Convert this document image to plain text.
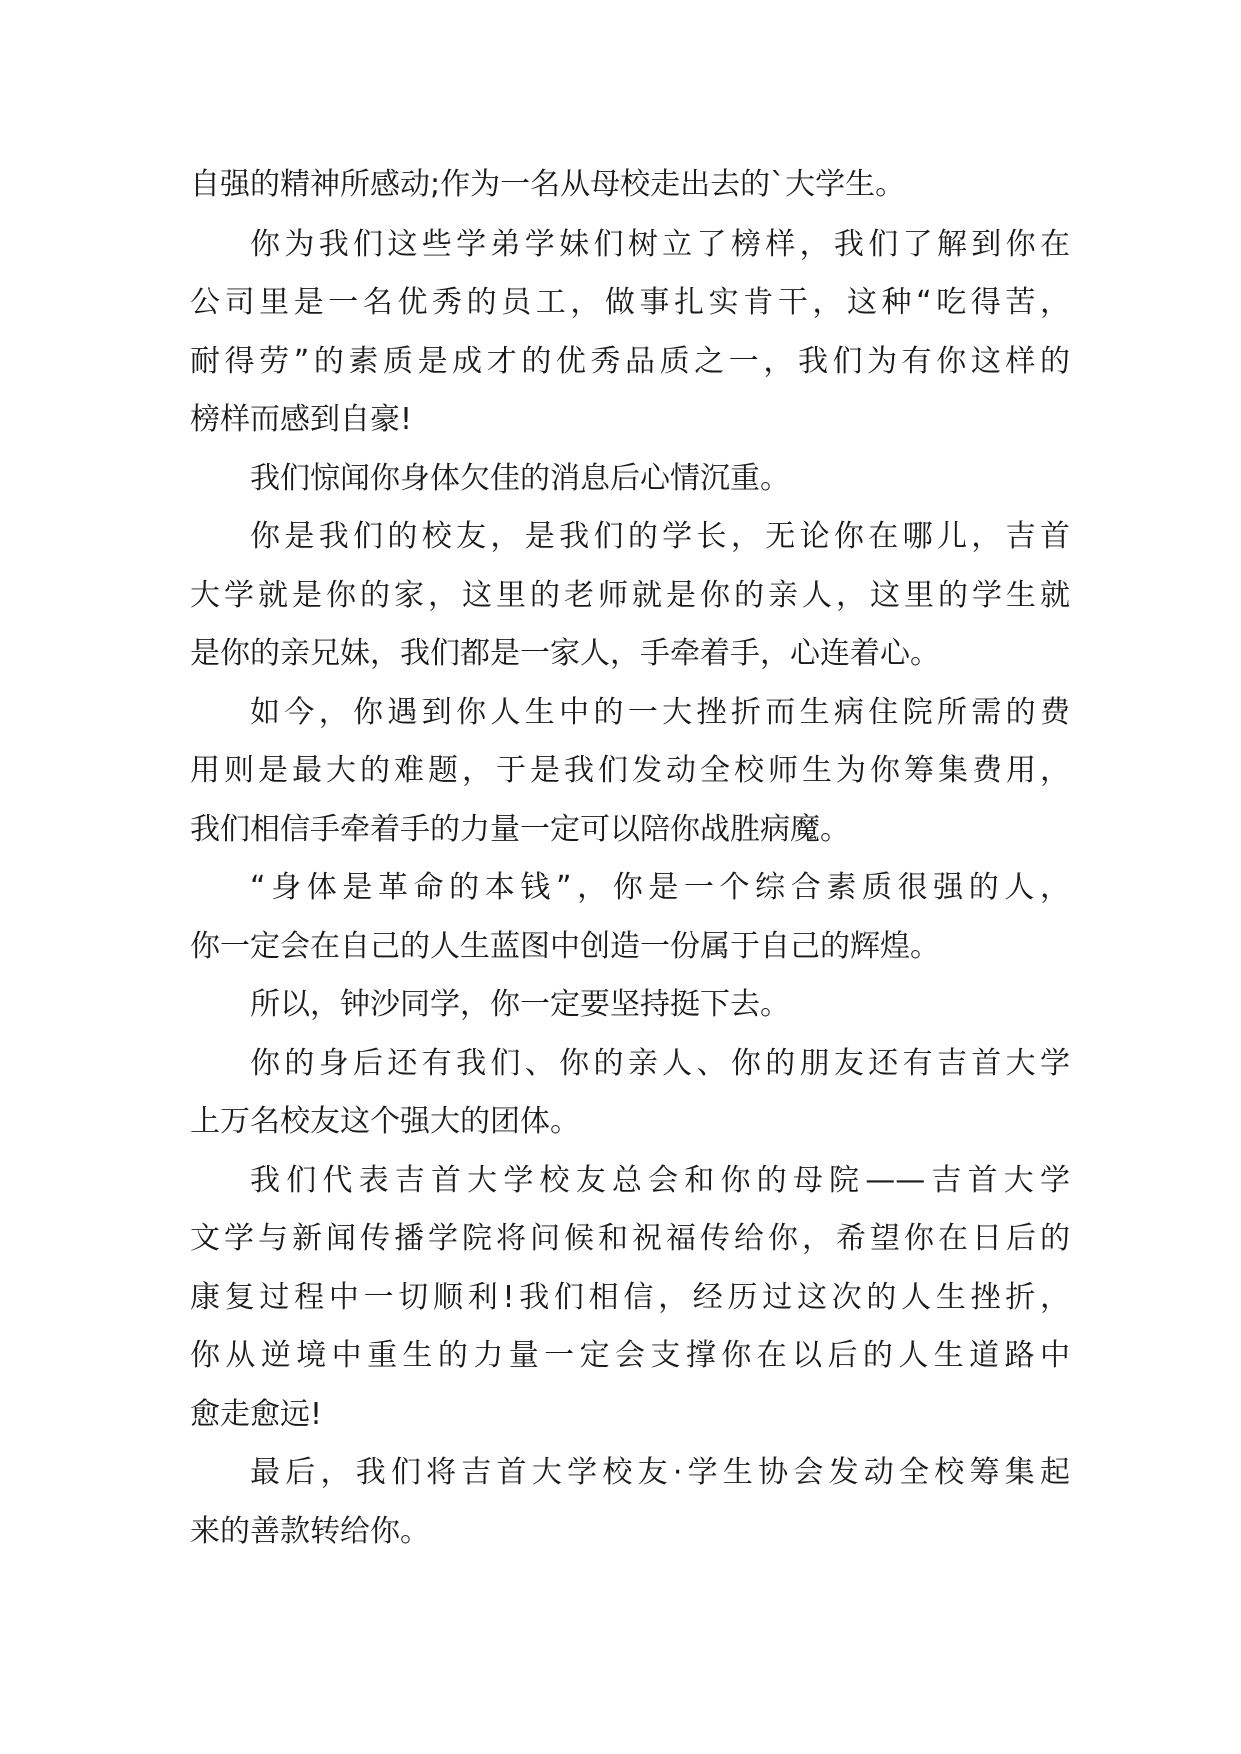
自强的精神所感动;作为一名从母校走出去的`大学生。
你为我们这些学弟学妹们树立了榜样，我们了解到你在
公司里是一名优秀的员工，做事扎实肯干，这种“吃得苦，
耐得劳”的素质是成才的优秀品质之一，我们为有你这样的
榜样而感到自豪!
我们惊闻你身体欠佳的消息后心情沉重。
你是我们的校友，是我们的学长，无论你在哪儿，吉首
大学就是你的家，这里的老师就是你的亲人，这里的学生就
是你的亲兄妹，我们都是一家人，手牵着手，心连着心。
如今，你遇到你人生中的一大挫折而生病住院所需的费
用则是最大的难题，于是我们发动全校师生为你筹集费用，
我们相信手牵着手的力量一定可以陪你战胜病魔。
“身体是革命的本钱”，你是一个综合素质很强的人，
你一定会在自己的人生蓝图中创造一份属于自己的辉煌。
所以，钟沙同学，你一定要坚持挺下去。
你的身后还有我们、你的亲人、你的朋友还有吉首大学
上万名校友这个强大的团体。
我们代表吉首大学校友总会和你的母院——吉首大学
文学与新闻传播学院将问候和祝福传给你，希望你在日后的
康复过程中一切顺利!我们相信，经历过这次的人生挫折，
你从逆境中重生的力量一定会支撑你在以后的人生道路中
愈走愈远!
最后，我们将吉首大学校友·学生协会发动全校筹集起
来的善款转给你。
